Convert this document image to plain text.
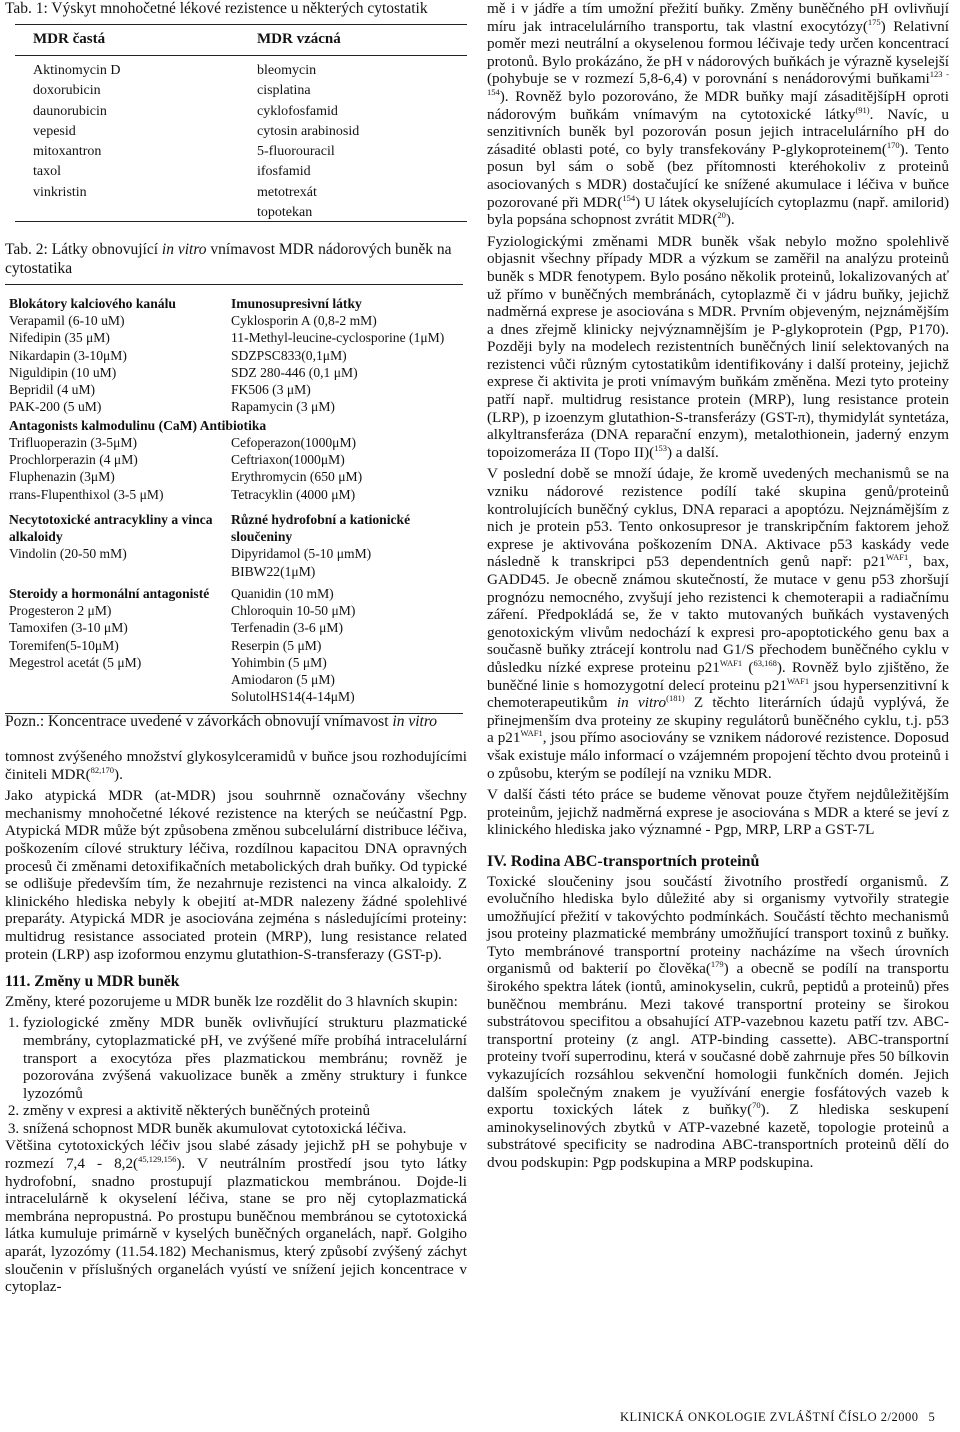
Tab. 1: Výskyt mnohočetné lékové rezistence u některých cytostatik

MDR častá	MDR vzácná
Aktinomycin D
doxorubicin
daunorubicin
vepesid
mitoxantron
taxol
vinkristin
bleomycin
cisplatina
cyklofosfamid
cytosin arabinosid
5-fluorouracil
ifosfamid
metotrexát
topotekan

Tab. 2: Látky obnovující in vitro vnímavost MDR nádorových buněk na cytostatika

Blokátory kalciového kanálu
Verapamil (6-10 uM)
Nifedipin (35 μM)
Nikardapin (3-10μM)
Niguldipin (10 uM)
Bepridil (4 uM)
PAK-200 (5 uM)
Imunosupresivní látky
Cyklosporin A (0,8-2 mM)
11-Methyl-leucine-cyclosporine (1μM)
SDZPSC833(0,1μM)
SDZ 280-446 (0,1 μM)
FK506 (3 μM)
Rapamycin (3 μM)
Antagonists kalmodulinu (CaM) Antibiotika
Trifluoperazin (3-5μM)
Prochlorperazin (4 μM)
Fluphenazin (3μM)
rrans-Flupenthixol (3-5 μM)
Cefoperazon(1000μM)
Ceftriaxon(1000μM)
Erythromycin (650 μM)
Tetracyklin (4000 μM)
Necytotoxické antracykliny a vinca alkaloidy
Vindolin (20-50 mM)
Různé hydrofobní a kationické sloučeniny
Dipyridamol (5-10 μmM)
BIBW22(1μM)
Steroidy a hormonální antagonisté
Progesteron 2 μM)
Tamoxifen (3-10 μM)
Toremifen(5-10μM)
Megestrol acetát (5 μM)
Quanidin (10 mM)
Chloroquin 10-50 μM)
Terfenadin (3-6 μM)
Reserpin (5 μM)
Yohimbin (5 μM)
Amiodaron (5 μM)
SolutolHS14(4-14μM)
Pozn.: Koncentrace uvedené v závorkách obnovují vnímavost in vitro

tomnost zvýšeného množství glykosylceramidů v buňce jsou rozhodujícími činiteli MDR($^{82,170}$).

Jako atypická MDR (at-MDR) jsou souhrnně označovány všechny mechanismy mnohočetné lékové rezistence na kterých se neúčastní Pgp. Atypická MDR může být způsobena změnou subcelulární distribuce léčiva, poškozením cílové struktury léčiva, rozdílnou kapacitou DNA opravných procesů či změnami detoxifikačních metabolických drah buňky. Od typické se odlišuje především tím, že nezahrnuje rezistenci na vinca alkaloidy. Z klinického hlediska nebyly k obejití at-MDR nalezeny žádné spolehlivé preparáty. Atypická MDR je asociována zejména s následujícími proteiny: multidrug resistance associated protein (MRP), lung resistance related protein (LRP) asp izoformou enzymu glutathion-S-transferazy (GST-p).

111. Změny u MDR buněk

Změny, které pozorujeme u MDR buněk lze rozdělit do 3 hlavních skupin:

1. fyziologické změny MDR buněk ovlivňující strukturu plazmatické membrány, cytoplazmatické pH, ve zvýšené míře probíhá intracelulární transport a exocytóza přes plazmatickou membránu; rovněž je pozorována zvýšená vakuolizace buněk a změny struktury i funkce lyzozómů
2. změny v expresi a aktivitě některých buněčných proteinů
3. snížená schopnost MDR buněk akumulovat cytotoxická léčiva.

Většina cytotoxických léčiv jsou slabé zásady jejichž pH se pohybuje v rozmezí 7,4 - 8,2($^{45,129,156}$). V neutrálním prostředí jsou tyto látky hydrofobní, snadno prostupují plazmatickou membránou. Dojde-li intracelulárně k okyselení léčiva, stane se pro něj cytoplazmatická membrána nepropustná. Po prostupu buněčnou membránou se cytotoxická látka kumuluje primárně v kyselých buněčných organelách, např. Golgiho aparát, lyzozómy (11.54.182) Mechanismus, který způsobí zvýšený záchyt sloučenin v příslušných organelách vyústí ve snížení jejich koncentrace v cytoplaz-

mě i v jádře a tím umožní přežití buňky. Změny buněčného pH ovlivňují míru jak intracelulárního transportu, tak vlastní exocytózy($^{175}$) Relativní poměr mezi neutrální a okyselenou formou léčivaje tedy určen koncentrací protonů. Bylo prokázáno, že pH v nádorových buňkách je výrazně kyselejší (pohybuje se v rozmezí 5,8-6,4) v porovnání s nenádorovými buňkami$^{123 - 154}$). Rovněž bylo pozorováno, že MDR buňky mají zásaditějšípH oproti nádorovým buňkám vnímavým na cytotoxické látky$^{(91)}$. Navíc, u senzitivních buněk byl pozorován posun jejich intracelulárního pH do zásadité oblasti poté, co byly transfekovány P-glykoproteinem($^{170}$). Tento posun byl sám o sobě (bez přítomnosti kteréhokoliv z proteinů asociovaných s MDR) dostačující ke snížené akumulace i léčiva v buňce pozorované při MDR($^{154}$) U látek okyselujících cytoplazmu (např. amilorid) byla popsána schopnost zvrátit MDR($^{20}$).

Fyziologickými změnami MDR buněk však nebylo možno spolehlivě objasnit všechny případy MDR a výzkum se zaměřil na analýzu proteinů buněk s MDR fenotypem. Bylo posáno několik proteinů, lokalizovaných ať už přímo v buněčných membránách, cytoplazmě či v jádru buňky, jejichž nadměrná exprese je asociována s MDR. Prvním objeveným, nejznámějším a dnes zřejmě klinicky nejvýznamnějším je P-glykoprotein (Pgp, P170). Později byly na modelech rezistentních buněčných linií selektovaných na rezistenci vůči různým cytostatikům identifikovány i další proteiny, jejichž exprese či aktivita je proti vnímavým buňkám změněna. Mezi tyto proteiny patří např. multidrug resistance protein (MRP), lung resistance protein (LRP), p izoenzym glutathion-S-transferázy (GST-π), thymidylát syntetáza, alkyltransferáza (DNA reparační enzym), metalothionein, jaderný enzym topoizomeráza II (Topo II)($^{153}$) a další.

V poslední době se množí údaje, že kromě uvedených mechanismů se na vzniku nádorové rezistence podílí také skupina genů/proteinů kontrolujících buněčný cyklus, DNA reparaci a apoptózu. Nejznámějším z nich je protein p53. Tento onkosupresor je transkripčním faktorem jehož exprese je aktivována poškozením DNA. Aktivace p53 kaskády vede následně k transkripci p53 dependentních genů např: $p21^{WAF1}$, bax, GADD45. Je obecně známou skutečností, že mutace v genu p53 zhoršují prognózu nemocného, zvyšují jeho rezistenci k chemoterapii a radiačnímu záření. Předpokládá se, že v takto mutovaných buňkách vystavených genotoxickým vlivům nedochází k expresi pro-apoptotického genu bax a současně buňky ztrácejí kontrolu nad G1/S přechodem buněčného cyklu v důsledku nízké exprese proteinu $p21^{WAF1}$ ($^{63,168}$). Rovněž bylo zjištěno, že buněčné linie s homozygotní delecí proteinu $p21^{WAF1}$ jsou hypersenzitivní k chemoterapeutikům in vitro$^{(181)}$ Z těchto literárních údajů vyplývá, že přinejmenším dva proteiny ze skupiny regulátorů buněčného cyklu, t.j. p53 a $p21^{WAF1}$, jsou přímo asociovány se vznikem nádorové rezistence. Doposud však existuje málo informací o vzájemném propojení těchto dvou proteinů i o způsobu, kterým se podílejí na vzniku MDR.

V další části této práce se budeme věnovat pouze čtyřem nejdůležitějším proteinům, jejichž nadměrná exprese je asociována s MDR a které se jeví z klinického hlediska jako významné - Pgp, MRP, LRP a GST-7L

IV. Rodina ABC-transportních proteinů

Toxické sloučeniny jsou součástí životního prostředí organismů. Z evolučního hlediska bylo důležité aby si organismy vytvořily strategie umožňující přežití v takovýchto podmínkách. Součástí těchto mechanismů jsou proteiny plazmatické membrány umožňující transport toxinů z buňky. Tyto membránové transportní proteiny nacházíme na všech úrovních organismů od bakterií po člověka($^{179}$) a obecně se podílí na transportu širokého spektra látek (iontů, aminokyselin, cukrů, peptidů a proteinů) přes buněčnou membránu. Mezi takové transportní proteiny se širokou substrátovou specifitou a obsahující ATP-vazebnou kazetu patří tzv. ABC-transportní proteiny (z angl. ATP-binding cassette). ABC-transportní proteiny tvoří superrodinu, která v současné době zahrnuje přes 50 bílkovin vykazujících rozsáhlou sekvenční homologii funkčních domén. Jejich dalším společným znakem je využívání energie fosfátových vazeb k exportu toxických látek z buňky($^{70}$). Z hlediska seskupení aminokyselinových zbytků v ATP-vazebné kazetě, topologie proteinů a substrátové specificity se nadrodina ABC-transportních proteinů dělí do dvou podskupin: Pgp podskupina a MRP podskupina.

KLINICKÁ ONKOLOGIE ZVLÁŠTNÍ ČÍSLO 2/2000 5
